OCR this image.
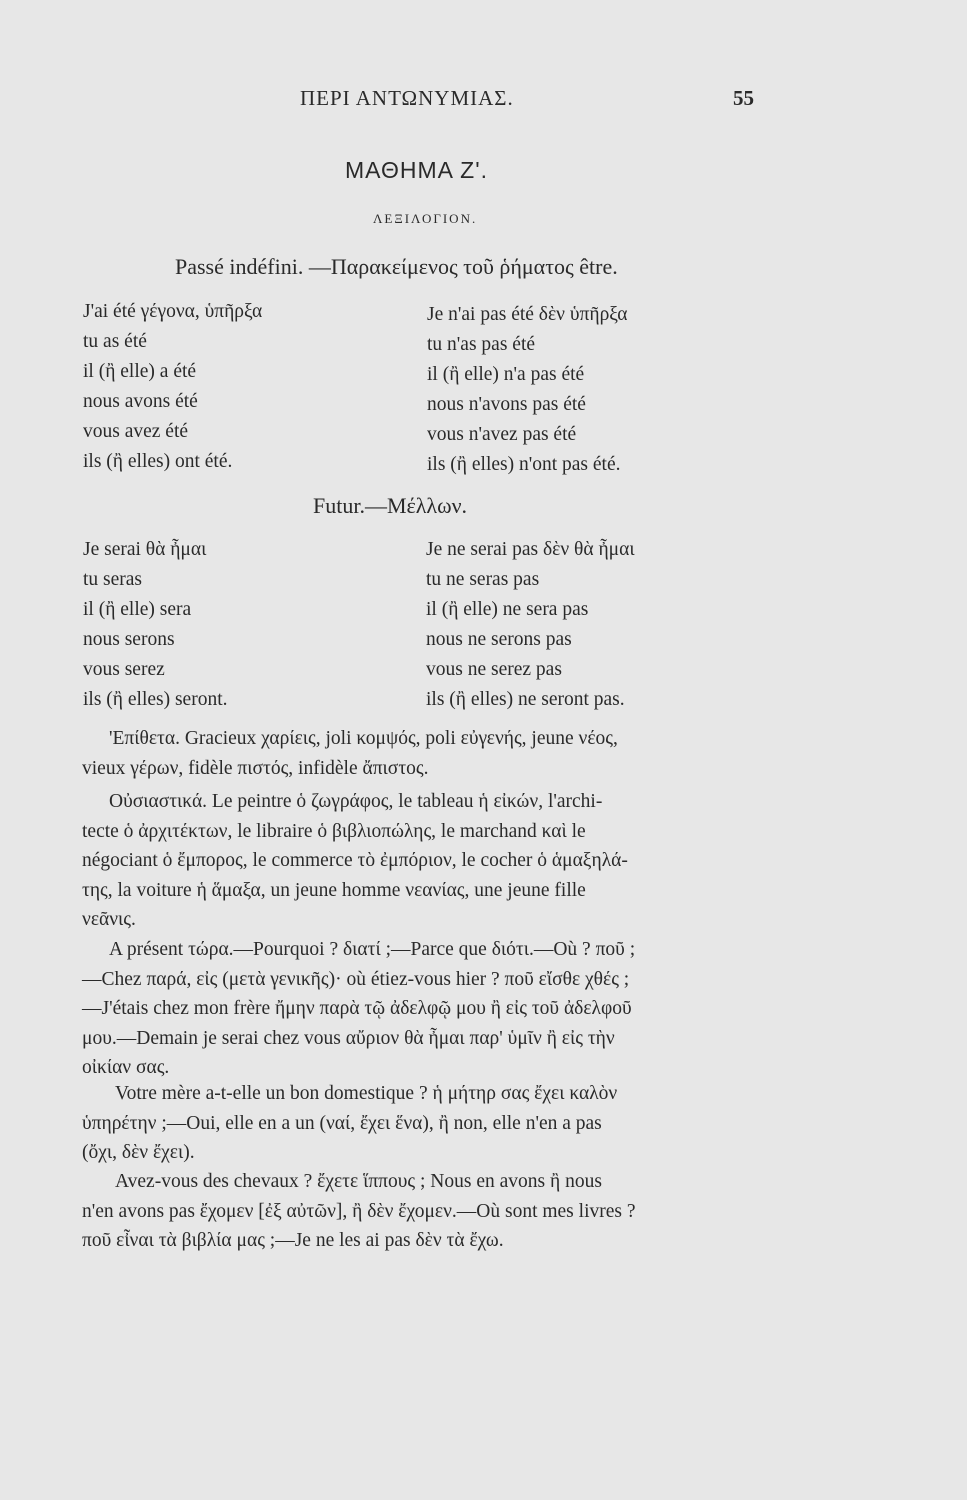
ΠΕΡΙ ΑΝΤΩΝΥΜΙΑΣ.	55
ΜΑΘΗΜΑ Ζ'.
ΛΕΞΙΛΟΓΙΟΝ.
Passé indéfini. —Παρακείμενος τοῦ ῥήματος être.
J'ai été γέγονα, ὑπῆρξα
tu as été
il (ἢ elle) a été
nous avons été
vous avez été
ils (ἢ elles) ont été.
Je n'ai pas été δὲν ὑπῆρξα
tu n'as pas été
il (ἢ elle) n'a pas été
nous n'avons pas été
vous n'avez pas été
ils (ἢ elles) n'ont pas été.
Futur.—Μέλλων.
Je serai θὰ ἦμαι
tu seras
il (ἢ elle) sera
nous serons
vous serez
ils (ἢ elles) seront.
Je ne serai pas δὲν θὰ ἦμαι
tu ne seras pas
il (ἢ elle) ne sera pas
nous ne serons pas
vous ne serez pas
ils (ἢ elles) ne seront pas.
'Επίθετα. Gracieux χαρίεις, joli κομψός, poli εὐγενής, jeune νέος,
vieux γέρων, fidèle πιστός, infidèle ἄπιστος.
Οὐσιαστικά. Le peintre ὁ ζωγράφος, le tableau ἡ εἰκών, l'archi-
tecte ὁ ἀρχιτέκτων, le libraire ὁ βιβλιοπώλης, le marchand καὶ le
négociant ὁ ἔμπορος, le commerce τὸ ἐμπόριον, le cocher ὁ ἁμαξηλά-
της, la voiture ἡ ἅμαξα, un jeune homme νεανίας, une jeune fille
νεᾶνις.
A présent τώρα.—Pourquoi ? διατί ;—Parce que διότι.—Où ? ποῦ ;
—Chez παρά, εἰς (μετὰ γενικῆς)· où étiez-vous hier ? ποῦ εἴσθε χθές ;
—J'étais chez mon frère ἤμην παρὰ τῷ ἀδελφῷ μου ἢ εἰς τοῦ ἀδελφοῦ
μου.—Demain je serai chez vous αὔριον θὰ ἦμαι παρ' ὑμῖν ἢ εἰς τὴν
οἰκίαν σας.
Votre mère a-t-elle un bon domestique ? ἡ μήτηρ σας ἔχει καλὸν
ὑπηρέτην ;—Oui, elle en a un (ναί, ἔχει ἕνα), ἢ non, elle n'en a pas
(ὄχι, δὲν ἔχει).
Avez-vous des chevaux ? ἔχετε ἵππους ; Nous en avons ἢ nous
n'en avons pas ἔχομεν [ἐξ αὐτῶν], ἢ δὲν ἔχομεν.—Où sont mes livres ?
ποῦ εἶναι τὰ βιβλία μας ;—Je ne les ai pas δὲν τὰ ἔχω.
